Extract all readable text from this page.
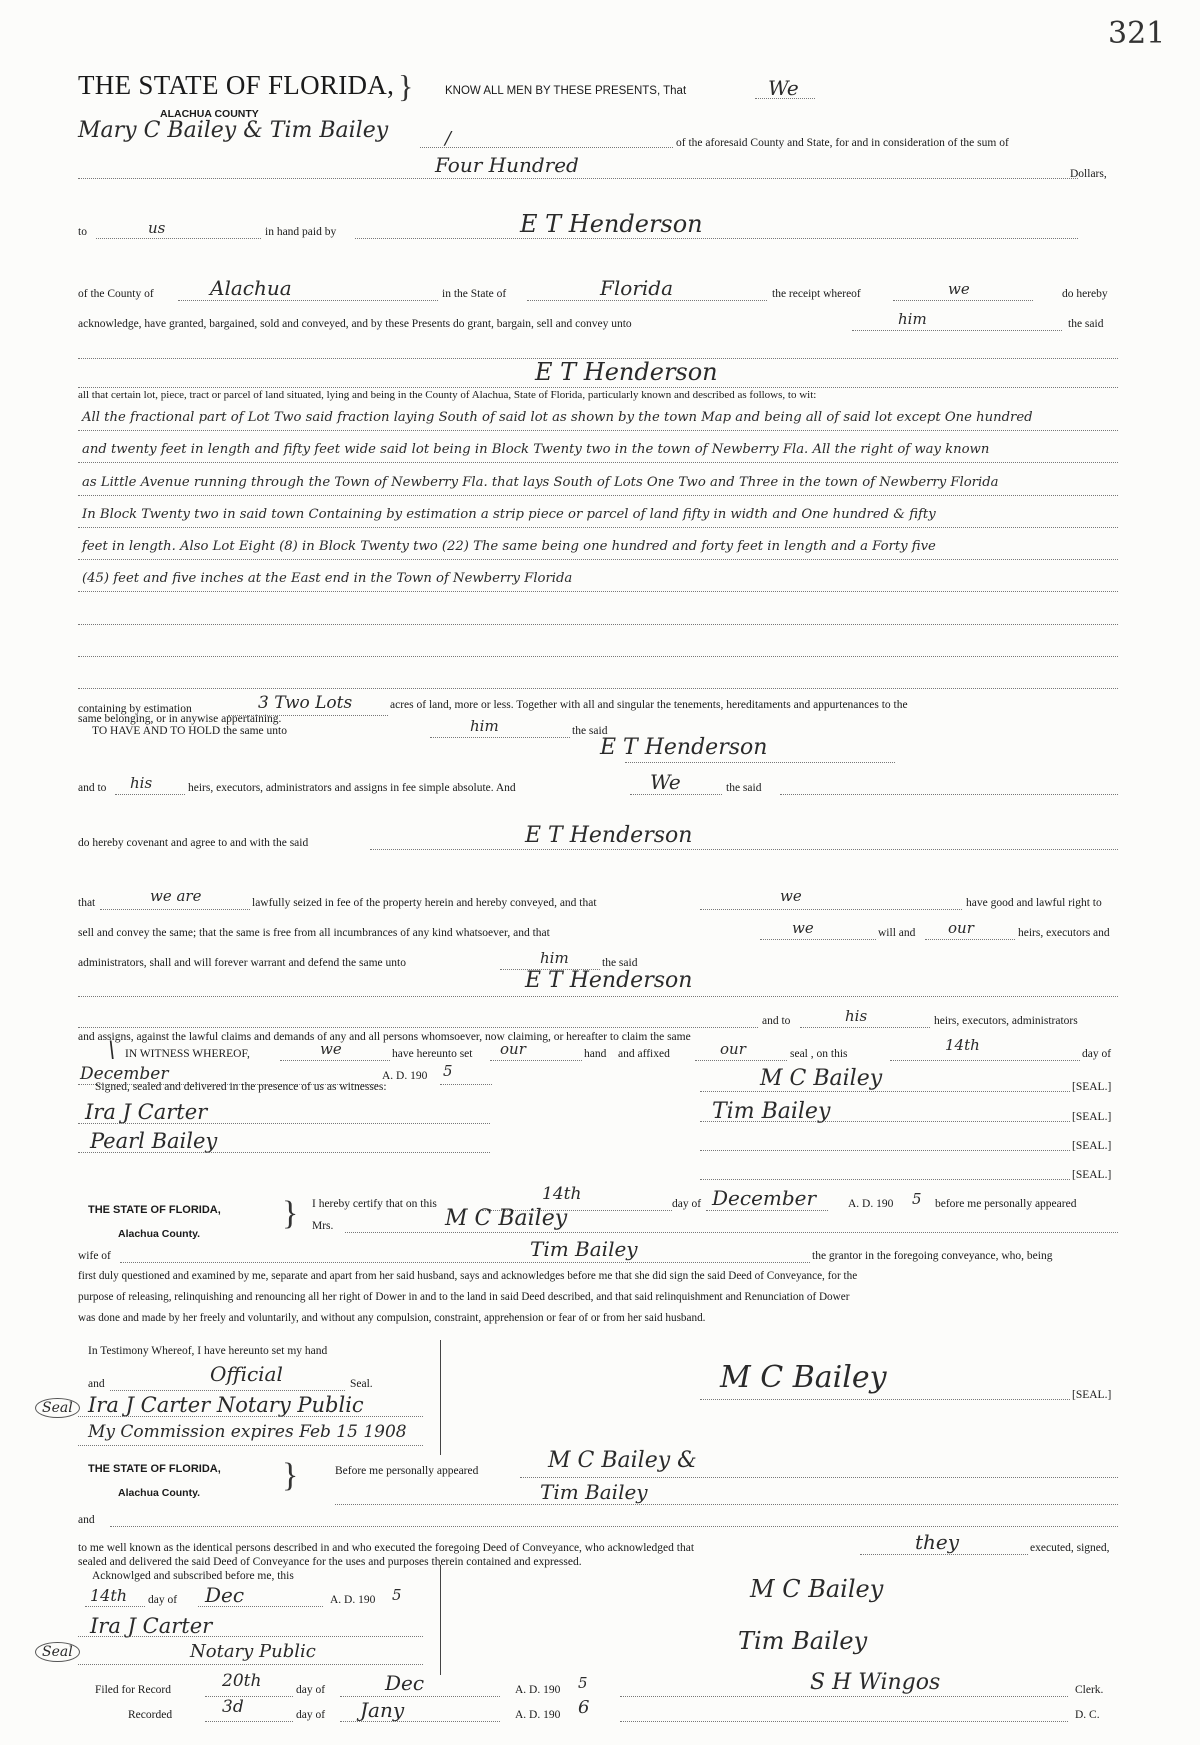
321
THE STATE OF FLORIDA, }
ALACHUA COUNTY
KNOW ALL MEN BY THESE PRESENTS, That	We
Mary C Bailey & Tim Bailey	/	of the aforesaid County and State, for and in consideration of the sum of
Four Hundred	Dollars,
to	us	in hand paid by	E T Henderson
of the County of	Alachua	in the State of	Florida	the receipt whereof	we	do hereby
acknowledge, have granted, bargained, sold and conveyed, and by these Presents do grant, bargain, sell and convey unto	him	the said
E T Henderson
all that certain lot, piece, tract or parcel of land situated, lying and being in the County of Alachua, State of Florida, particularly known and described as follows, to wit:
All the fractional part of Lot Two said fraction laying South of said lot as shown by the town Map and being all of said lot except One hundred
and twenty feet in length and fifty feet wide said lot being in Block Twenty two in the town of Newberry Fla. All the right of way known
as Little Avenue running through the Town of Newberry Fla. that lays South of Lots One Two and Three in the town of Newberry Florida
In Block Twenty two in said town Containing by estimation a strip piece or parcel of land fifty in width and One hundred & fifty
feet in length. Also Lot Eight (8) in Block Twenty two (22) The same being one hundred and forty feet in length and a Forty five
(45) feet and five inches at the East end in the Town of Newberry Florida
containing by estimation	3 Two Lots	acres of land, more or less. Together with all and singular the tenements, hereditaments and appurtenances to the
same belonging, or in anywise appertaining.
TO HAVE AND TO HOLD the same unto	him	the said
E T Henderson
and to his	heirs, executors, administrators and assigns in fee simple absolute. And	We	the said
do hereby covenant and agree to and with the said	E T Henderson
that	we are	lawfully seized in fee of the property herein and hereby conveyed, and that	we	have good and lawful right to
sell and convey the same; that the same is free from all incumbrances of any kind whatsoever, and that	we	will and our	heirs, executors and
administrators, shall and will forever warrant and defend the same unto	him	the said
E T Henderson
and to	his	heirs, executors, administrators
and assigns, against the lawful claims and demands of any and all persons whomsoever, now claiming, or hereafter to claim the same
\ IN WITNESS WHEREOF,	we	have hereunto set our	hand and affixed	our	seal , on this	14th	day of
December	A. D. 190 5
Signed, sealed and delivered in the presence of us as witnesses:
Ira J Carter
Pearl Bailey
M C Bailey	[SEAL.]
Tim Bailey	[SEAL.]
[SEAL.]
[SEAL.]
THE STATE OF FLORIDA,
Alachua County.
} I hereby certify that on this	14th	day of December	A. D. 190 5 before me personally appeared
Mrs.	M C Bailey
wife of	Tim Bailey	the grantor in the foregoing conveyance, who, being
first duly questioned and examined by me, separate and apart from her said husband, says and acknowledges before me that she did sign the said Deed of Conveyance, for the
purpose of releasing, relinquishing and renouncing all her right of Dower in and to the land in said Deed described, and that said relinquishment and Renunciation of Dower
was done and made by her freely and voluntarily, and without any compulsion, constraint, apprehension or fear of or from her said husband.
In Testimony Whereof, I have hereunto set my hand
and	Official	Seal.
Seal Ira J Carter Notary Public
My Commission expires Feb 15 1908
M C Bailey	[SEAL.]
THE STATE OF FLORIDA,
Alachua County. }	Before me personally appeared	M C Bailey &
Tim Bailey
and
to me well known as the identical persons described in and who executed the foregoing Deed of Conveyance, who acknowledged that	they	executed, signed,
sealed and delivered the said Deed of Conveyance for the uses and purposes therein contained and expressed.
Acknowlged and subscribed before me, this
14th day of Dec	A. D. 190 5
Ira J Carter
Seal	Notary Public
M C Bailey
Tim Bailey
Filed for Record	20th	day of	Dec	A. D. 190 5	S H Wingos	Clerk.
Recorded	3d	day of Jany	A. D. 190 6	D. C.
